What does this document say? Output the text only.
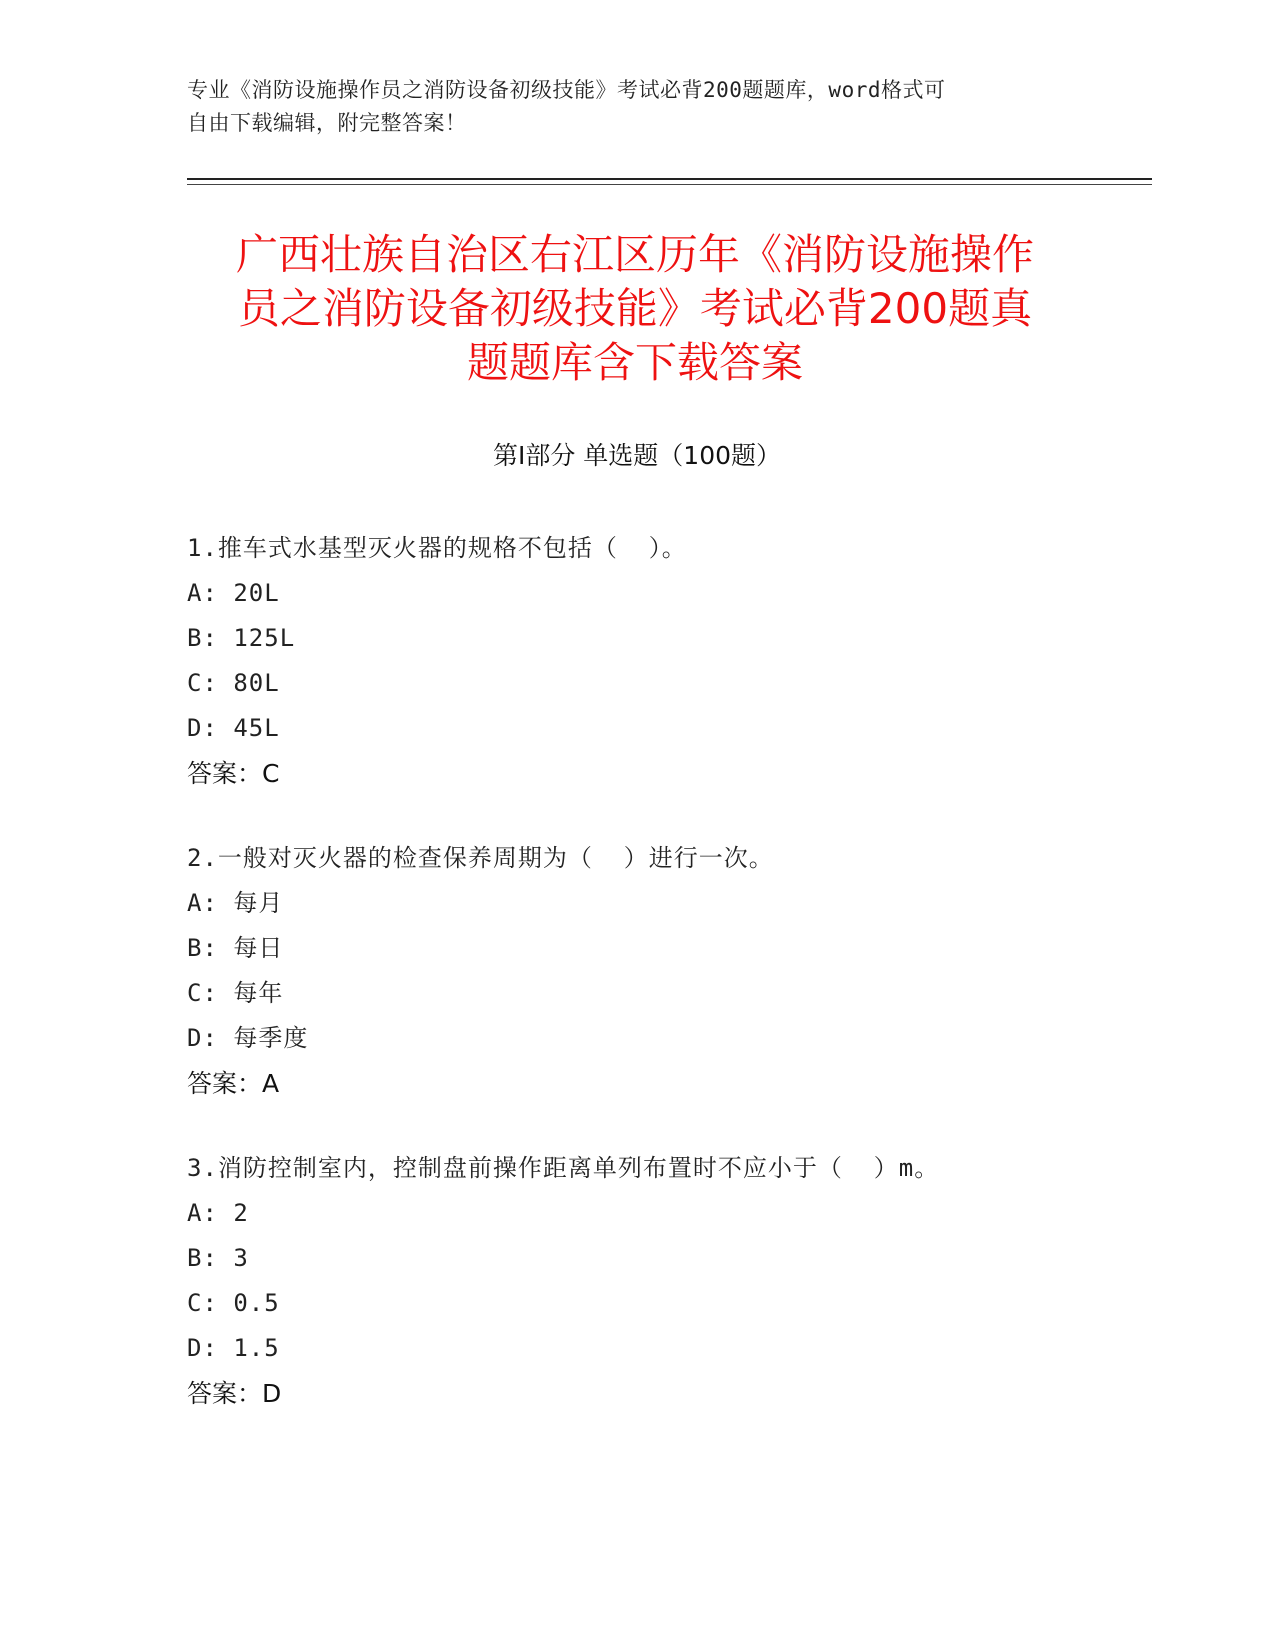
专业《消防设施操作员之消防设备初级技能》考试必背200题题库，word格式可
自由下载编辑，附完整答案！
广西壮族自治区右江区历年《消防设施操作
员之消防设备初级技能》考试必背200题真
题题库含下载答案
第Ⅰ部分 单选题（100题）
1.推车式水基型灭火器的规格不包括（  ）。
A: 20L
B: 125L
C: 80L
D: 45L
答案：C
2.一般对灭火器的检查保养周期为（  ）进行一次。
A: 每月
B: 每日
C: 每年
D: 每季度
答案：A
3.消防控制室内，控制盘前操作距离单列布置时不应小于（  ）m。
A: 2
B: 3
C: 0.5
D: 1.5
答案：D
